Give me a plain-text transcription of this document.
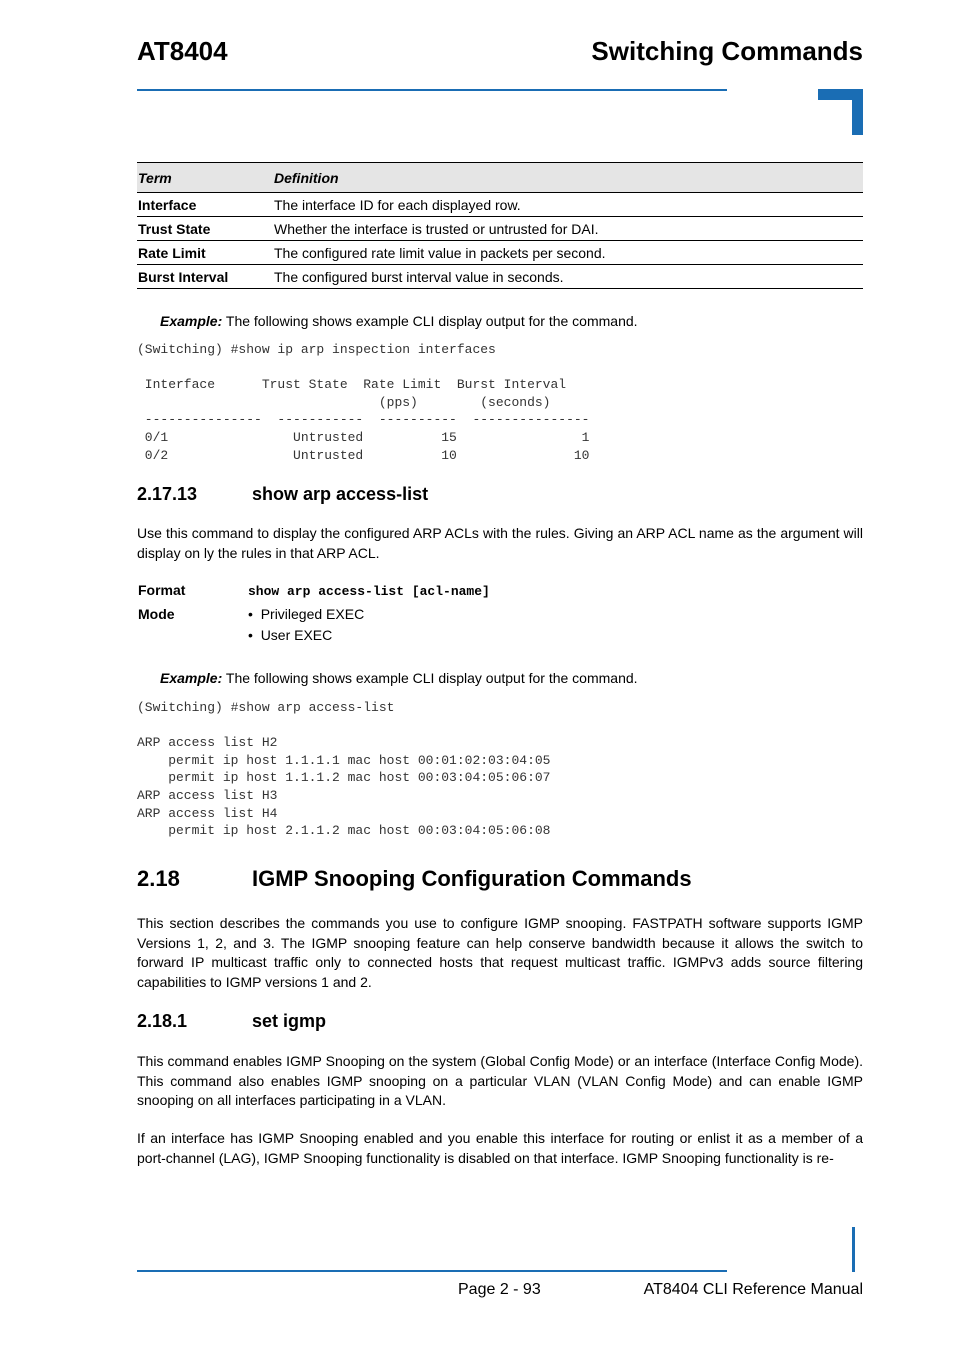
AT8404	Switching Commands
Term	Definition
Interface	The interface ID for each displayed row.
Trust State	Whether the interface is trusted or untrusted for DAI.
Rate Limit	The configured rate limit value in packets per second.
Burst Interval	The configured burst interval value in seconds.
Example: The following shows example CLI display output for the command.
(Switching) #show ip arp inspection interfaces

Interface      Trust State  Rate Limit  Burst Interval
(pps)        (seconds)
---------------  -----------  ----------  ---------------
0/1                Untrusted          15                1
0/2                Untrusted          10               10
2.17.13	show arp access-list
Use this command to display the configured ARP ACLs with the rules. Giving an ARP ACL name as the argument will display on ly the rules in that ARP ACL.
Format	show arp access-list [acl-name]
Mode	•  Privileged EXEC
•  User EXEC
Example: The following shows example CLI display output for the command.
(Switching) #show arp access-list

ARP access list H2
permit ip host 1.1.1.1 mac host 00:01:02:03:04:05
permit ip host 1.1.1.2 mac host 00:03:04:05:06:07
ARP access list H3
ARP access list H4
permit ip host 2.1.1.2 mac host 00:03:04:05:06:08
2.18	IGMP Snooping Configuration Commands
This section describes the commands you use to configure IGMP snooping. FASTPATH software supports IGMP Versions 1, 2, and 3. The IGMP snooping feature can help conserve bandwidth because it allows the switch to forward IP multicast traffic only to connected hosts that request multicast traffic. IGMPv3 adds source filtering capabilities to IGMP versions 1 and 2.
2.18.1	set igmp
This command enables IGMP Snooping on the system (Global Config Mode) or an interface (Interface Config Mode). This command also enables IGMP snooping on a particular VLAN (VLAN Config Mode) and can enable IGMP snooping on all interfaces participating in a VLAN.
If an interface has IGMP Snooping enabled and you enable this interface for routing or enlist it as a member of a port-channel (LAG), IGMP Snooping functionality is disabled on that interface. IGMP Snooping functionality is re-
Page 2 - 93	AT8404 CLI Reference Manual
